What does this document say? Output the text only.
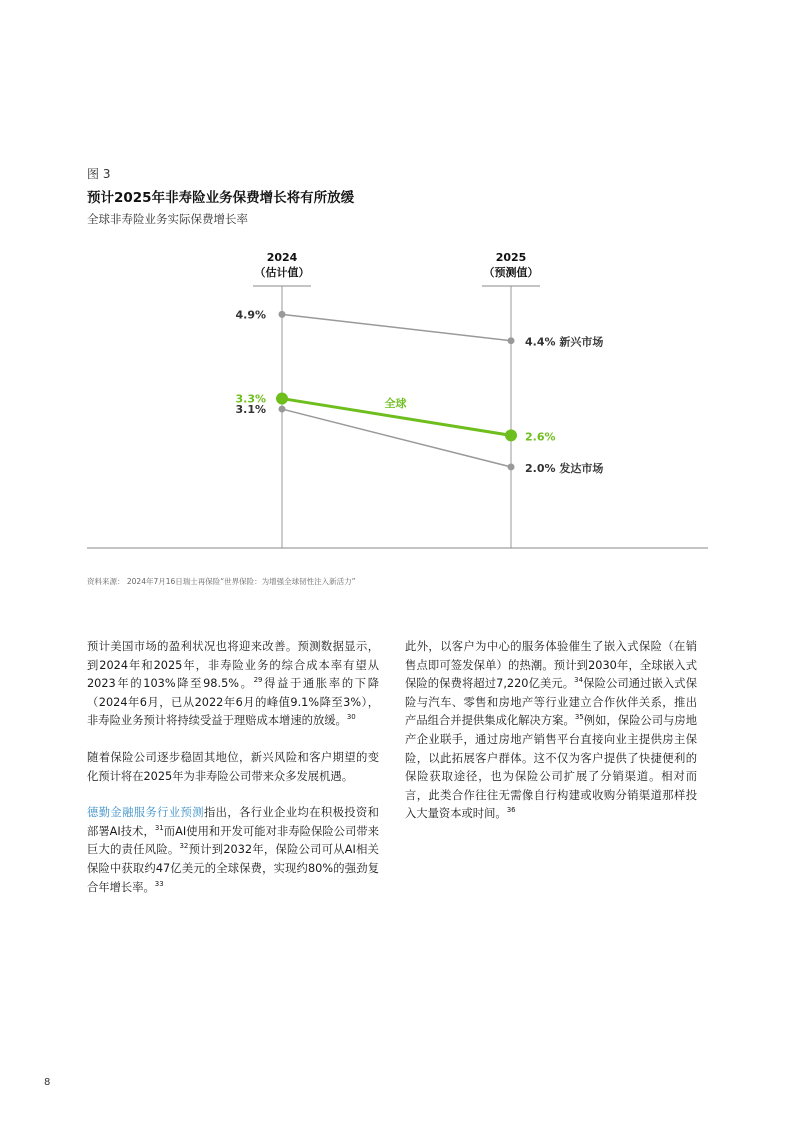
图 3
预计2025年非寿险业务保费增长将有所放缓
全球非寿险业务实际保费增长率
2024
（估计值）
2025
（预测值）
4.9%
4.4% 新兴市场
3.1%
2.0% 发达市场
3.3%
2.6%
全球
资料来源： 2024年7月16日瑞士再保险“世界保险：为增强全球韧性注入新活力”

预计美国市场的盈利状况也将迎来改善。预测数据显示，到2024年和2025年，非寿险业务的综合成本率有望从2023年的103%降至98.5%。$^{29}$得益于通胀率的下降（2024年6月，已从2022年6月的峰值9.1%降至3%），非寿险业务预计将持续受益于理赔成本增速的放缓。$^{30}$

随着保险公司逐步稳固其地位，新兴风险和客户期望的变化预计将在2025年为非寿险公司带来众多发展机遇。

德勤金融服务行业预测指出，各行业企业均在积极投资和部署AI技术，$^{31}$而AI使用和开发可能对非寿险保险公司带来巨大的责任风险。$^{32}$预计到2032年，保险公司可从AI相关保险中获取约47亿美元的全球保费，实现约80%的强劲复合年增长率。$^{33}$

此外，以客户为中心的服务体验催生了嵌入式保险（在销售点即可签发保单）的热潮。预计到2030年，全球嵌入式保险的保费将超过7,220亿美元。$^{34}$保险公司通过嵌入式保险与汽车、零售和房地产等行业建立合作伙伴关系，推出产品组合并提供集成化解决方案。$^{35}$例如，保险公司与房地产企业联手，通过房地产销售平台直接向业主提供房主保险，以此拓展客户群体。这不仅为客户提供了快捷便利的保险获取途径，也为保险公司扩展了分销渠道。相对而言，此类合作往往无需像自行构建或收购分销渠道那样投入大量资本或时间。$^{36}$

8
